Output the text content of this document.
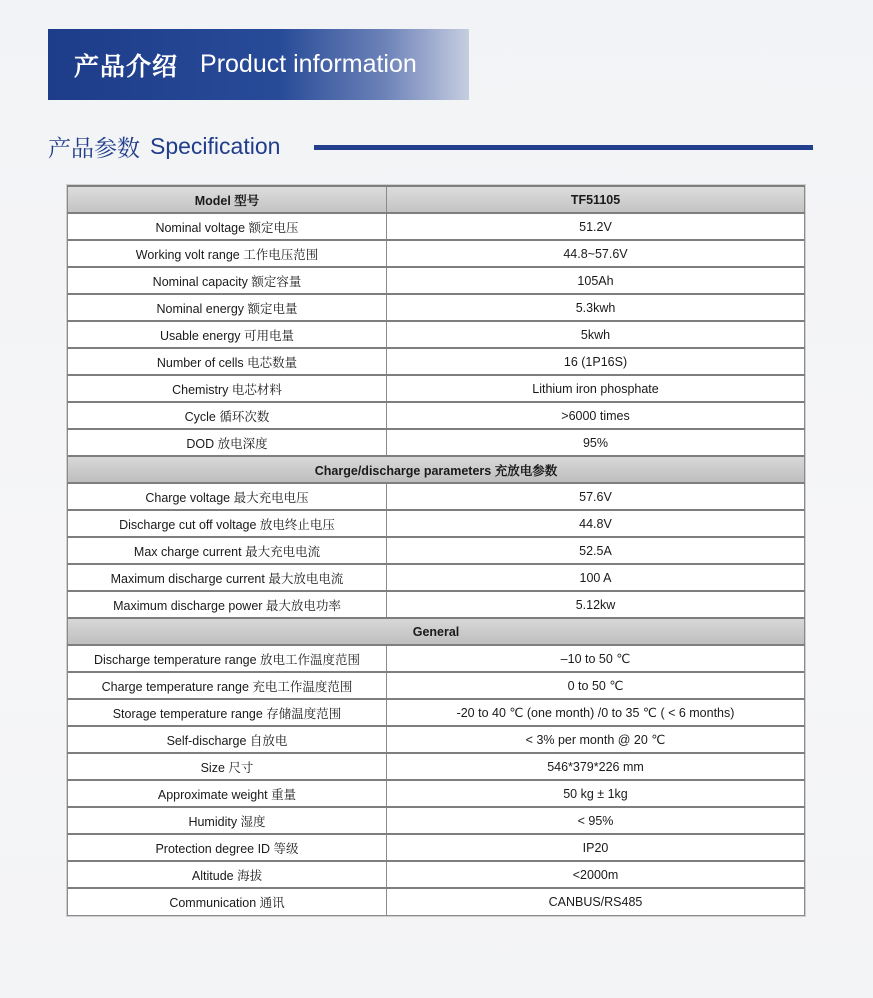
产品介绍 Product information
产品参数 Specification
Model 型号	TF51105
Nominal voltage 额定电压	51.2V
Working volt range 工作电压范围	44.8~57.6V
Nominal capacity 额定容量	105Ah
Nominal energy 额定电量	5.3kwh
Usable energy 可用电量	5kwh
Number of cells 电芯数量	16 (1P16S)
Chemistry 电芯材料	Lithium iron phosphate
Cycle 循环次数	>6000 times
DOD 放电深度	95%
Charge/discharge parameters 充放电参数	
Charge voltage 最大充电电压	57.6V
Discharge cut off voltage 放电终止电压	44.8V
Max charge current 最大充电电流	52.5A
Maximum discharge current 最大放电电流	100 A
Maximum discharge power 最大放电功率	5.12kw
General	
Discharge temperature range 放电工作温度范围	–10 to 50 ℃
Charge temperature range 充电工作温度范围	0 to 50 ℃
Storage temperature range 存储温度范围	-20 to 40 ℃ (one month) /0 to 35 ℃ ( < 6 months)
Self-discharge 自放电	< 3% per month @ 20 ℃
Size 尺寸	546*379*226 mm
Approximate weight 重量	50 kg ± 1kg
Humidity 湿度	< 95%
Protection degree ID 等级	IP20
Altitude 海拔	<2000m
Communication 通讯	CANBUS/RS485
